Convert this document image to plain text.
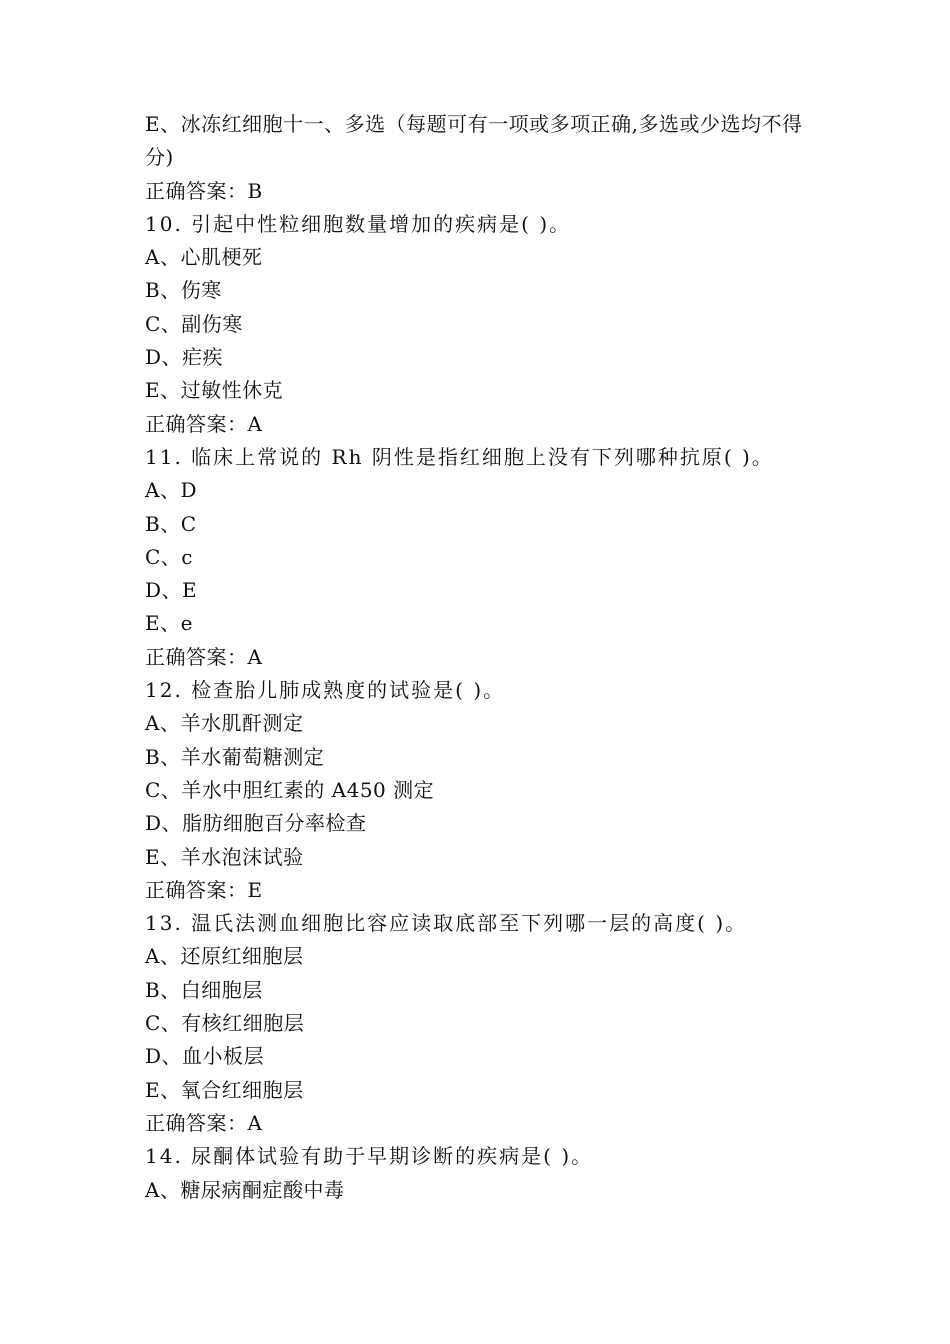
E、冰冻红细胞十一、多选（每题可有一项或多项正确,多选或少选均不得分)
正确答案：B
10. 引起中性粒细胞数量增加的疾病是( )。
A、心肌梗死
B、伤寒
C、副伤寒
D、疟疾
E、过敏性休克
正确答案：A
11. 临床上常说的 Rh 阴性是指红细胞上没有下列哪种抗原( )。
A、D
B、C
C、c
D、E
E、e
正确答案：A
12. 检查胎儿肺成熟度的试验是( )。
A、羊水肌酐测定
B、羊水葡萄糖测定
C、羊水中胆红素的 A450 测定
D、脂肪细胞百分率检查
E、羊水泡沫试验
正确答案：E
13. 温氏法测血细胞比容应读取底部至下列哪一层的高度( )。
A、还原红细胞层
B、白细胞层
C、有核红细胞层
D、血小板层
E、氧合红细胞层
正确答案：A
14. 尿酮体试验有助于早期诊断的疾病是( )。
A、糖尿病酮症酸中毒
